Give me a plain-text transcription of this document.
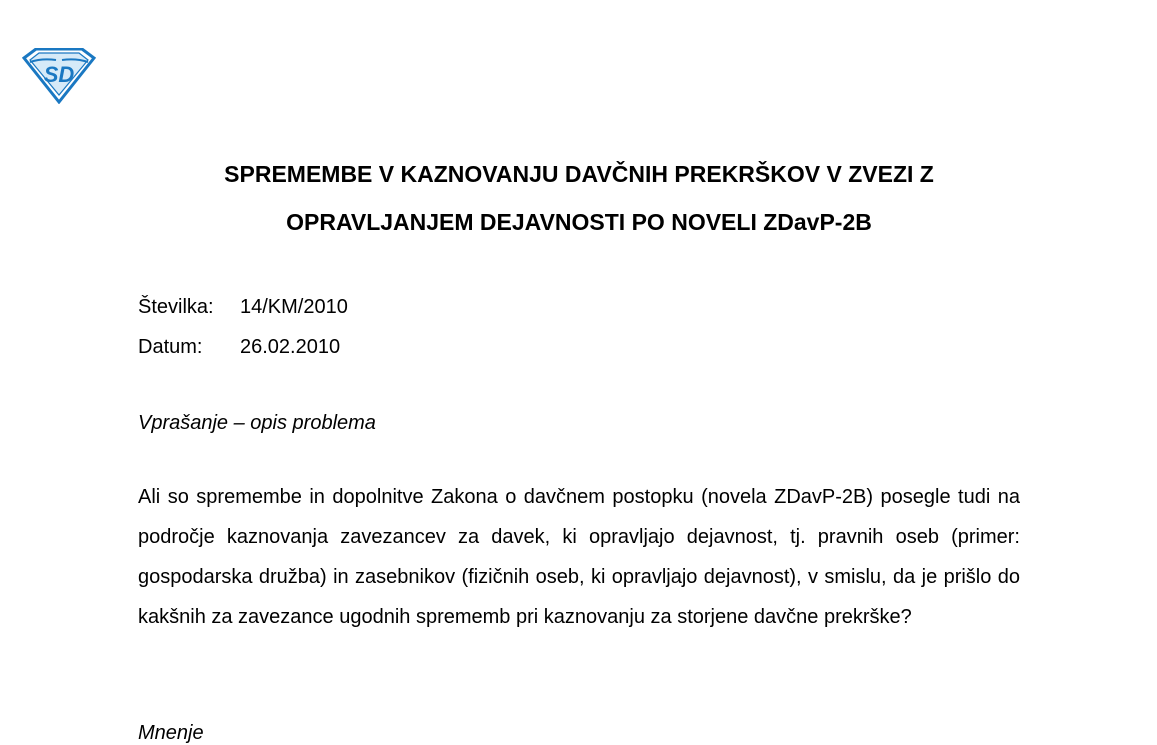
SD
SPREMEMBE V KAZNOVANJU DAVČNIH PREKRŠKOV V ZVEZI Z
OPRAVLJANJEM DEJAVNOSTI PO NOVELI ZDavP-2B
Številka:	14/KM/2010
Datum:	26.02.2010

Vprašanje – opis problema

Ali so spremembe in dopolnitve Zakona o davčnem postopku (novela ZDavP-2B) posegle tudi na področje kaznovanja zavezancev za davek, ki opravljajo dejavnost, tj. pravnih oseb (primer: gospodarska družba) in zasebnikov (fizičnih oseb, ki opravljajo dejavnost), v smislu, da je prišlo do kakšnih za zavezance ugodnih sprememb pri kaznovanju za storjene davčne prekrške?

Mnenje
